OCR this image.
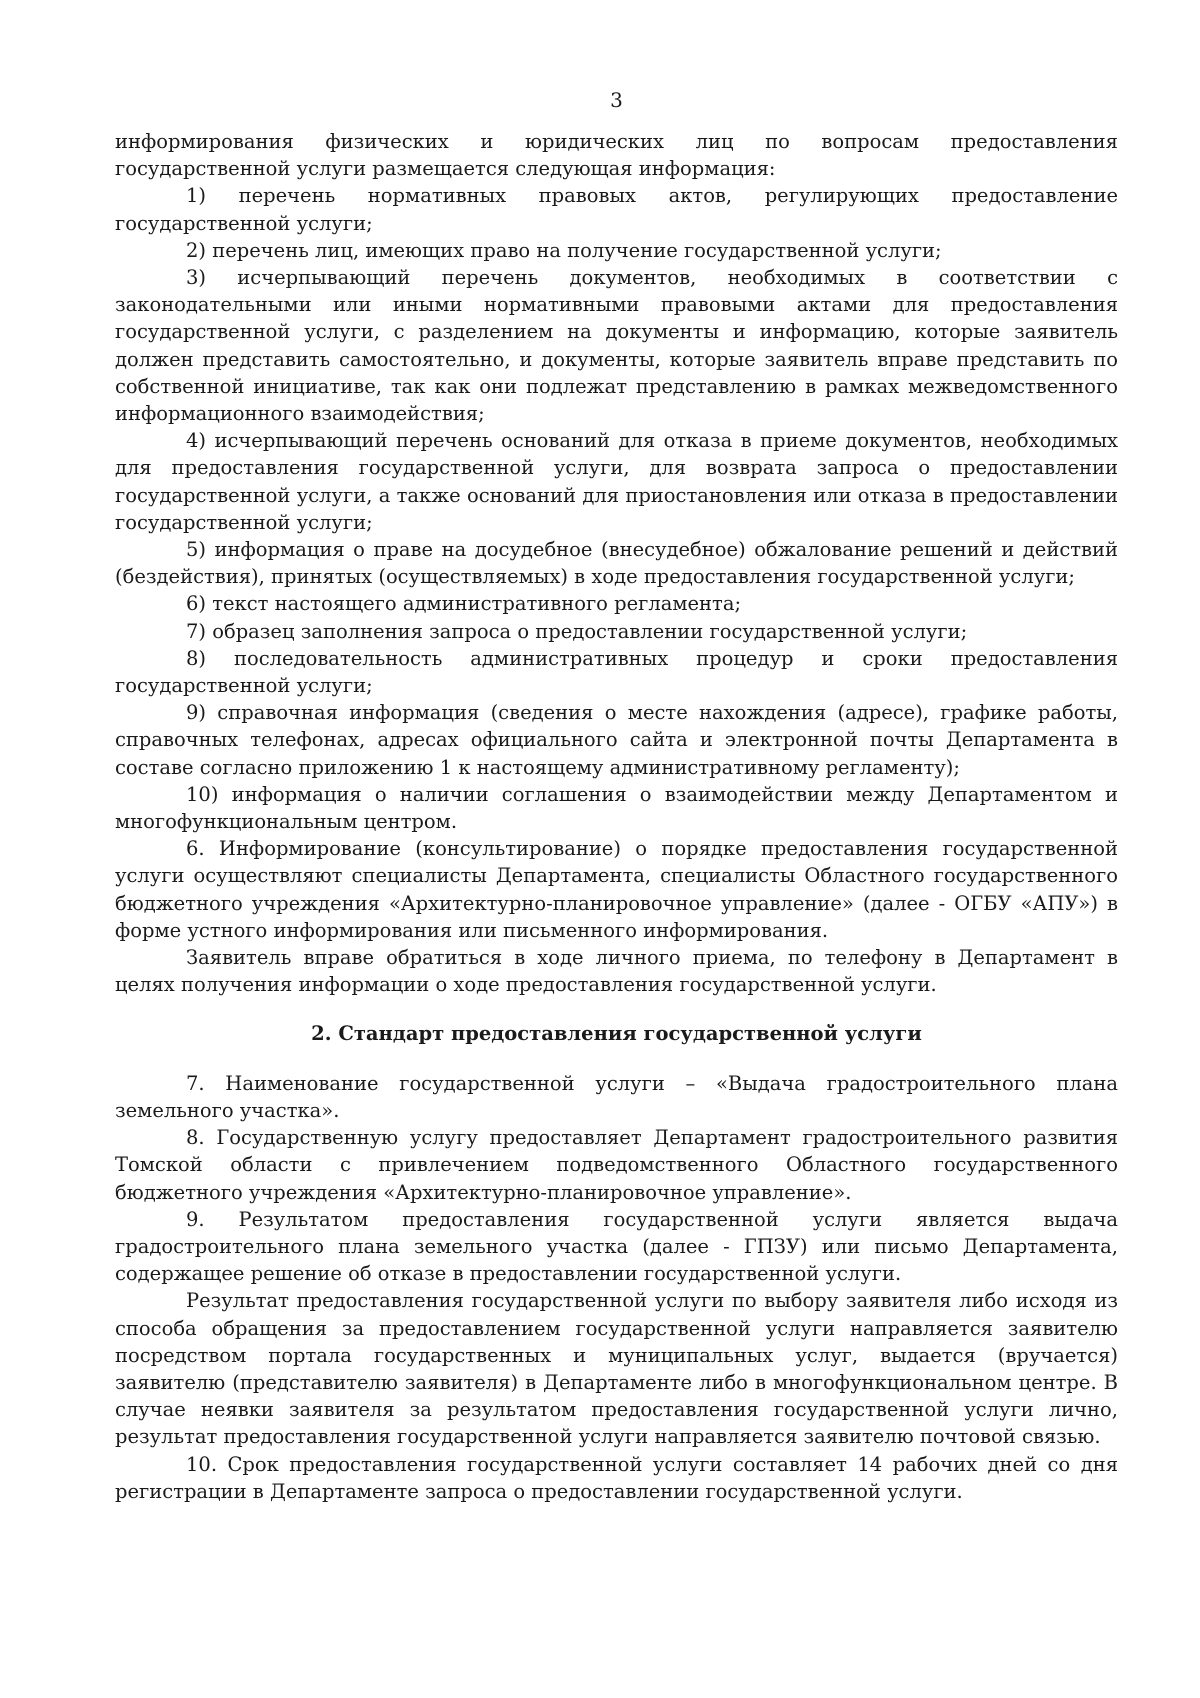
3

информирования физических и юридических лиц по вопросам предоставления государственной услуги размещается следующая информация:

1) перечень нормативных правовых актов, регулирующих предоставление государственной услуги;

2) перечень лиц, имеющих право на получение государственной услуги;

3) исчерпывающий перечень документов, необходимых в соответствии с законодательными или иными нормативными правовыми актами для предоставления государственной услуги, с разделением на документы и информацию, которые заявитель должен представить самостоятельно, и документы, которые заявитель вправе представить по собственной инициативе, так как они подлежат представлению в рамках межведомственного информационного взаимодействия;

4) исчерпывающий перечень оснований для отказа в приеме документов, необходимых для предоставления государственной услуги, для возврата запроса о предоставлении государственной услуги, а также оснований для приостановления или отказа в предоставлении государственной услуги;

5) информация о праве на досудебное (внесудебное) обжалование решений и действий (бездействия), принятых (осуществляемых) в ходе предоставления государственной услуги;

6) текст настоящего административного регламента;

7) образец заполнения запроса о предоставлении государственной услуги;

8) последовательность административных процедур и сроки предоставления государственной услуги;

9) справочная информация (сведения о месте нахождения (адресе), графике работы, справочных телефонах, адресах официального сайта и электронной почты Департамента в составе согласно приложению 1 к настоящему административному регламенту);

10) информация о наличии соглашения о взаимодействии между Департаментом и многофункциональным центром.

6. Информирование (консультирование) о порядке предоставления государственной услуги осуществляют специалисты Департамента, специалисты Областного государственного бюджетного учреждения «Архитектурно-планировочное управление» (далее - ОГБУ «АПУ») в форме устного информирования или письменного информирования.

Заявитель вправе обратиться в ходе личного приема, по телефону в Департамент в целях получения информации о ходе предоставления государственной услуги.

2. Стандарт предоставления государственной услуги

7. Наименование государственной услуги – «Выдача градостроительного плана земельного участка».

8. Государственную услугу предоставляет Департамент градостроительного развития Томской области с привлечением подведомственного Областного государственного бюджетного учреждения «Архитектурно-планировочное управление».

9. Результатом предоставления государственной услуги является выдача градостроительного плана земельного участка (далее - ГПЗУ) или письмо Департамента, содержащее решение об отказе в предоставлении государственной услуги.

Результат предоставления государственной услуги по выбору заявителя либо исходя из способа обращения за предоставлением государственной услуги направляется заявителю посредством портала государственных и муниципальных услуг, выдается (вручается) заявителю (представителю заявителя) в Департаменте либо в многофункциональном центре. В случае неявки заявителя за результатом предоставления государственной услуги лично, результат предоставления государственной услуги направляется заявителю почтовой связью.

10. Срок предоставления государственной услуги составляет 14 рабочих дней со дня регистрации в Департаменте запроса о предоставлении государственной услуги.
